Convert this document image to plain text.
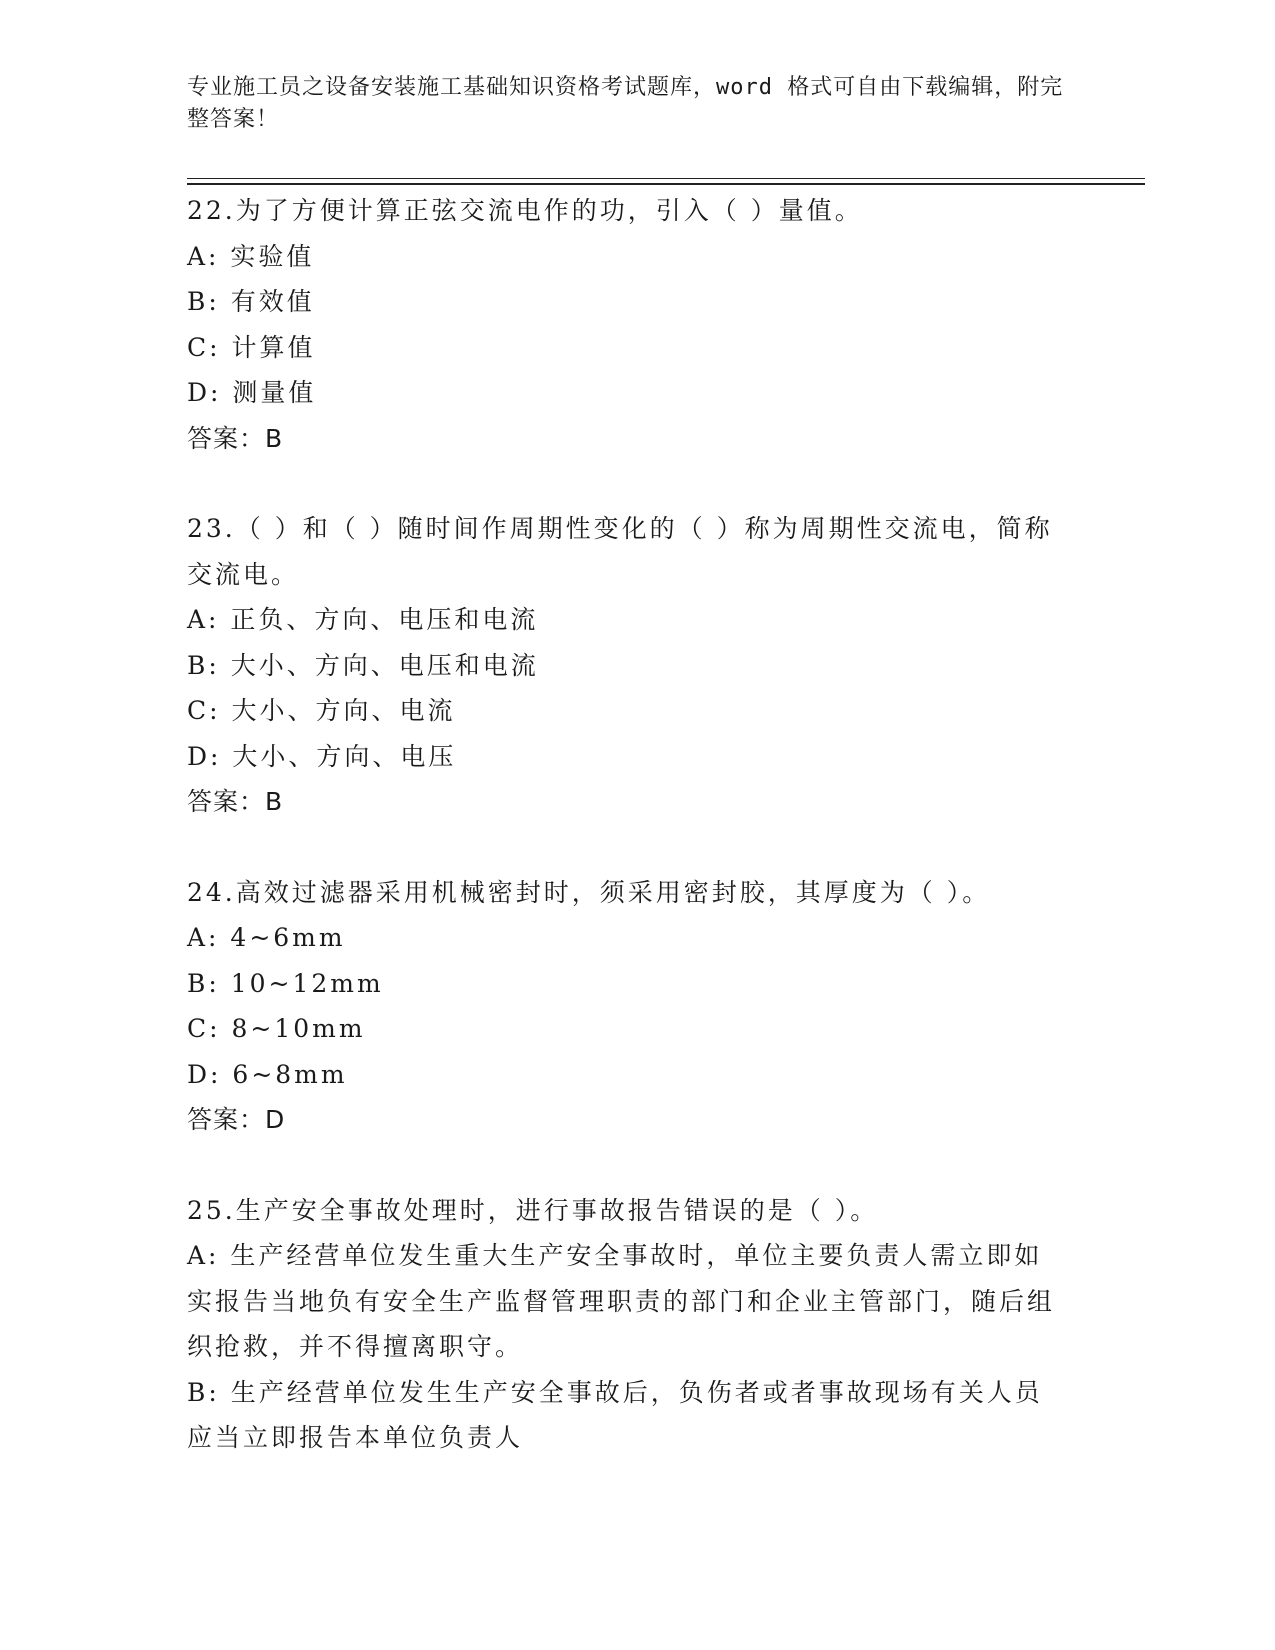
专业施工员之设备安装施工基础知识资格考试题库，word 格式可自由下载编辑，附完整答案！
22.为了方便计算正弦交流电作的功，引入（ ）量值。
A: 实验值
B: 有效值
C: 计算值
D: 测量值
答案：B
23.（ ）和（ ）随时间作周期性变化的（ ）称为周期性交流电，简称交流电。
A: 正负、方向、电压和电流
B: 大小、方向、电压和电流
C: 大小、方向、电流
D: 大小、方向、电压
答案：B
24.高效过滤器采用机械密封时，须采用密封胶，其厚度为（ ）。
A: 4~6mm
B: 10~12mm
C: 8~10mm
D: 6~8mm
答案：D
25.生产安全事故处理时，进行事故报告错误的是（ ）。
A: 生产经营单位发生重大生产安全事故时，单位主要负责人需立即如实报告当地负有安全生产监督管理职责的部门和企业主管部门，随后组织抢救，并不得擅离职守。
B: 生产经营单位发生生产安全事故后，负伤者或者事故现场有关人员应当立即报告本单位负责人
